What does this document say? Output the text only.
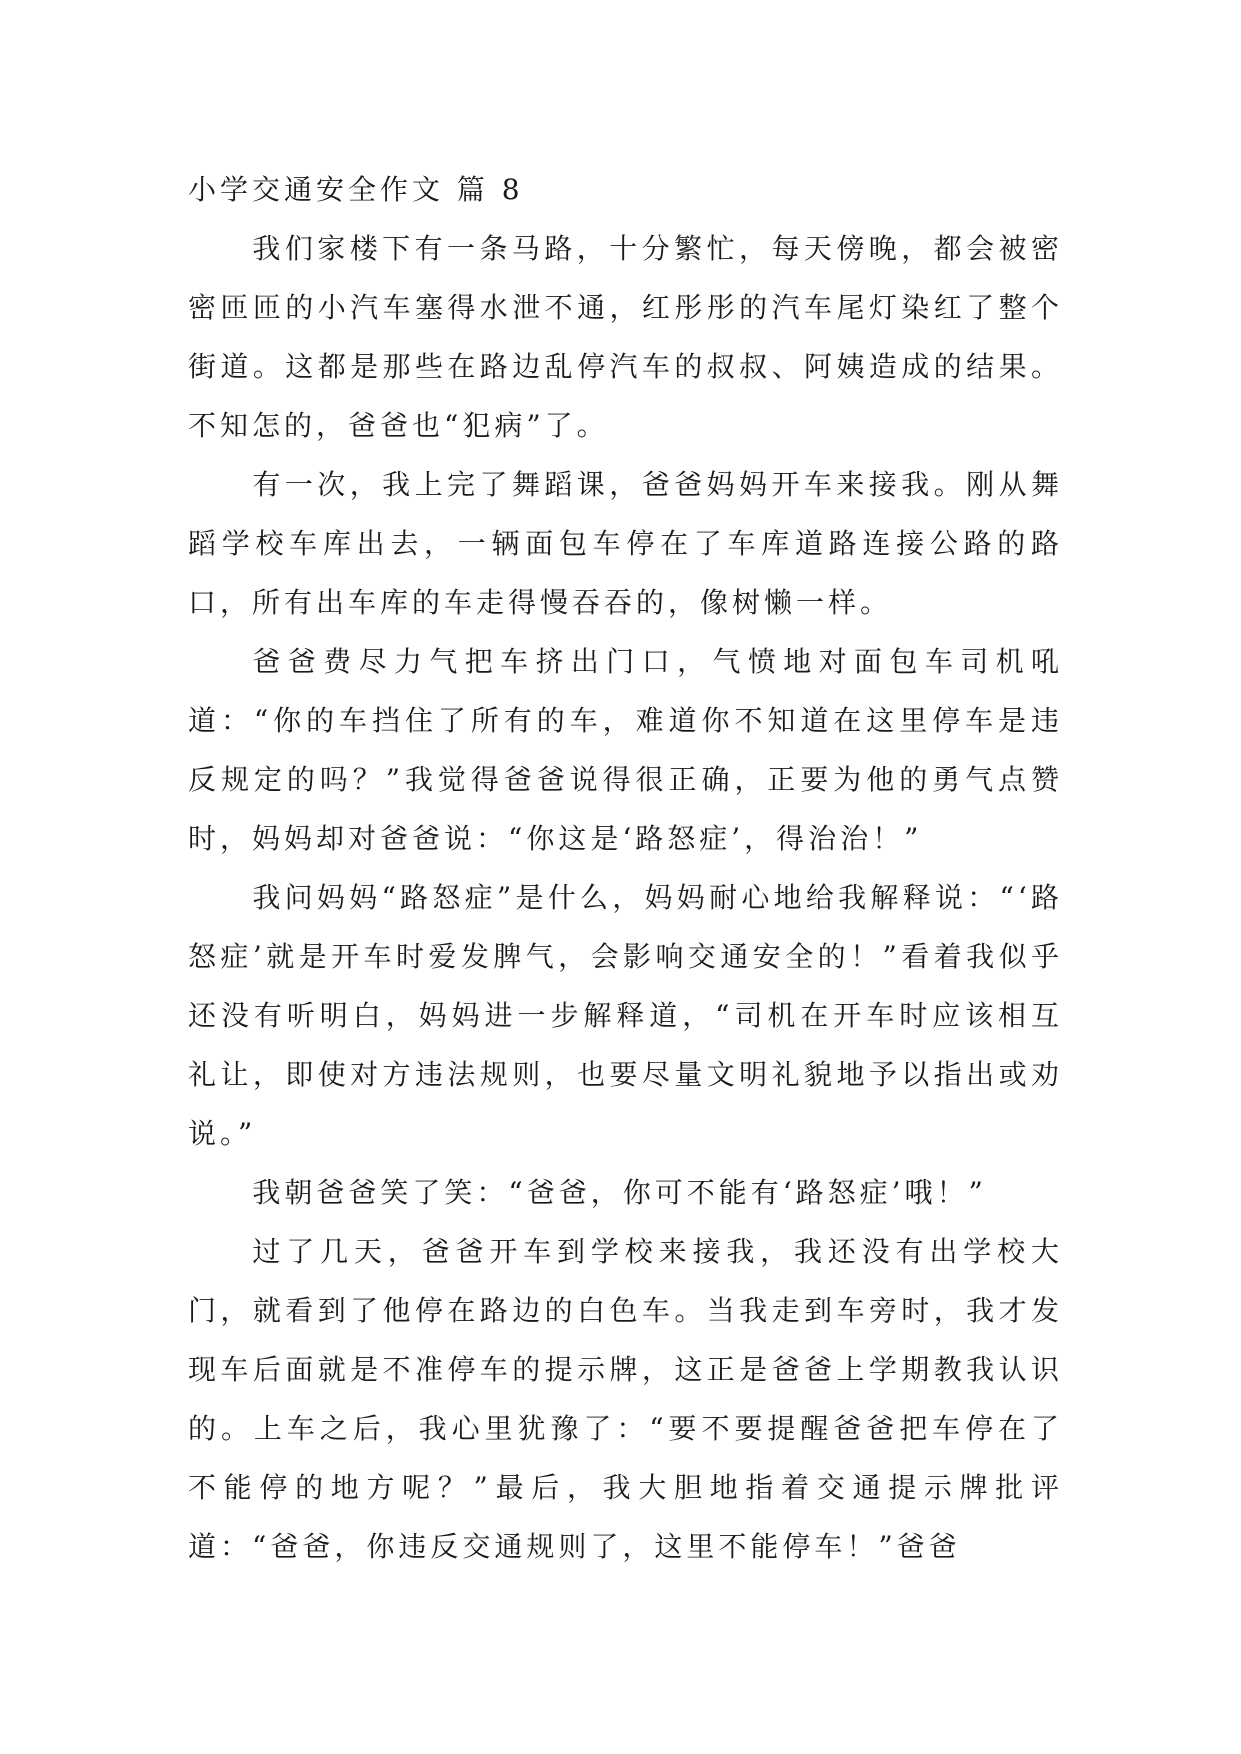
小学交通安全作文 篇 8

我们家楼下有一条马路，十分繁忙，每天傍晚，都会被密密匝匝的小汽车塞得水泄不通，红彤彤的汽车尾灯染红了整个街道。这都是那些在路边乱停汽车的叔叔、阿姨造成的结果。不知怎的，爸爸也“犯病”了。

有一次，我上完了舞蹈课，爸爸妈妈开车来接我。刚从舞蹈学校车库出去，一辆面包车停在了车库道路连接公路的路口，所有出车库的车走得慢吞吞的，像树懒一样。

爸爸费尽力气把车挤出门口，气愤地对面包车司机吼道：“你的车挡住了所有的车，难道你不知道在这里停车是违反规定的吗？”我觉得爸爸说得很正确，正要为他的勇气点赞时，妈妈却对爸爸说：“你这是‘路怒症’，得治治！”

我问妈妈“路怒症”是什么，妈妈耐心地给我解释说：“‘路怒症’就是开车时爱发脾气，会影响交通安全的！”看着我似乎还没有听明白，妈妈进一步解释道，“司机在开车时应该相互礼让，即使对方违法规则，也要尽量文明礼貌地予以指出或劝说。”

我朝爸爸笑了笑：“爸爸，你可不能有‘路怒症’哦！”

过了几天，爸爸开车到学校来接我，我还没有出学校大门，就看到了他停在路边的白色车。当我走到车旁时，我才发现车后面就是不准停车的提示牌，这正是爸爸上学期教我认识的。上车之后，我心里犹豫了：“要不要提醒爸爸把车停在了不能停的地方呢？”最后，我大胆地指着交通提示牌批评道：“爸爸，你违反交通规则了，这里不能停车！”爸爸
